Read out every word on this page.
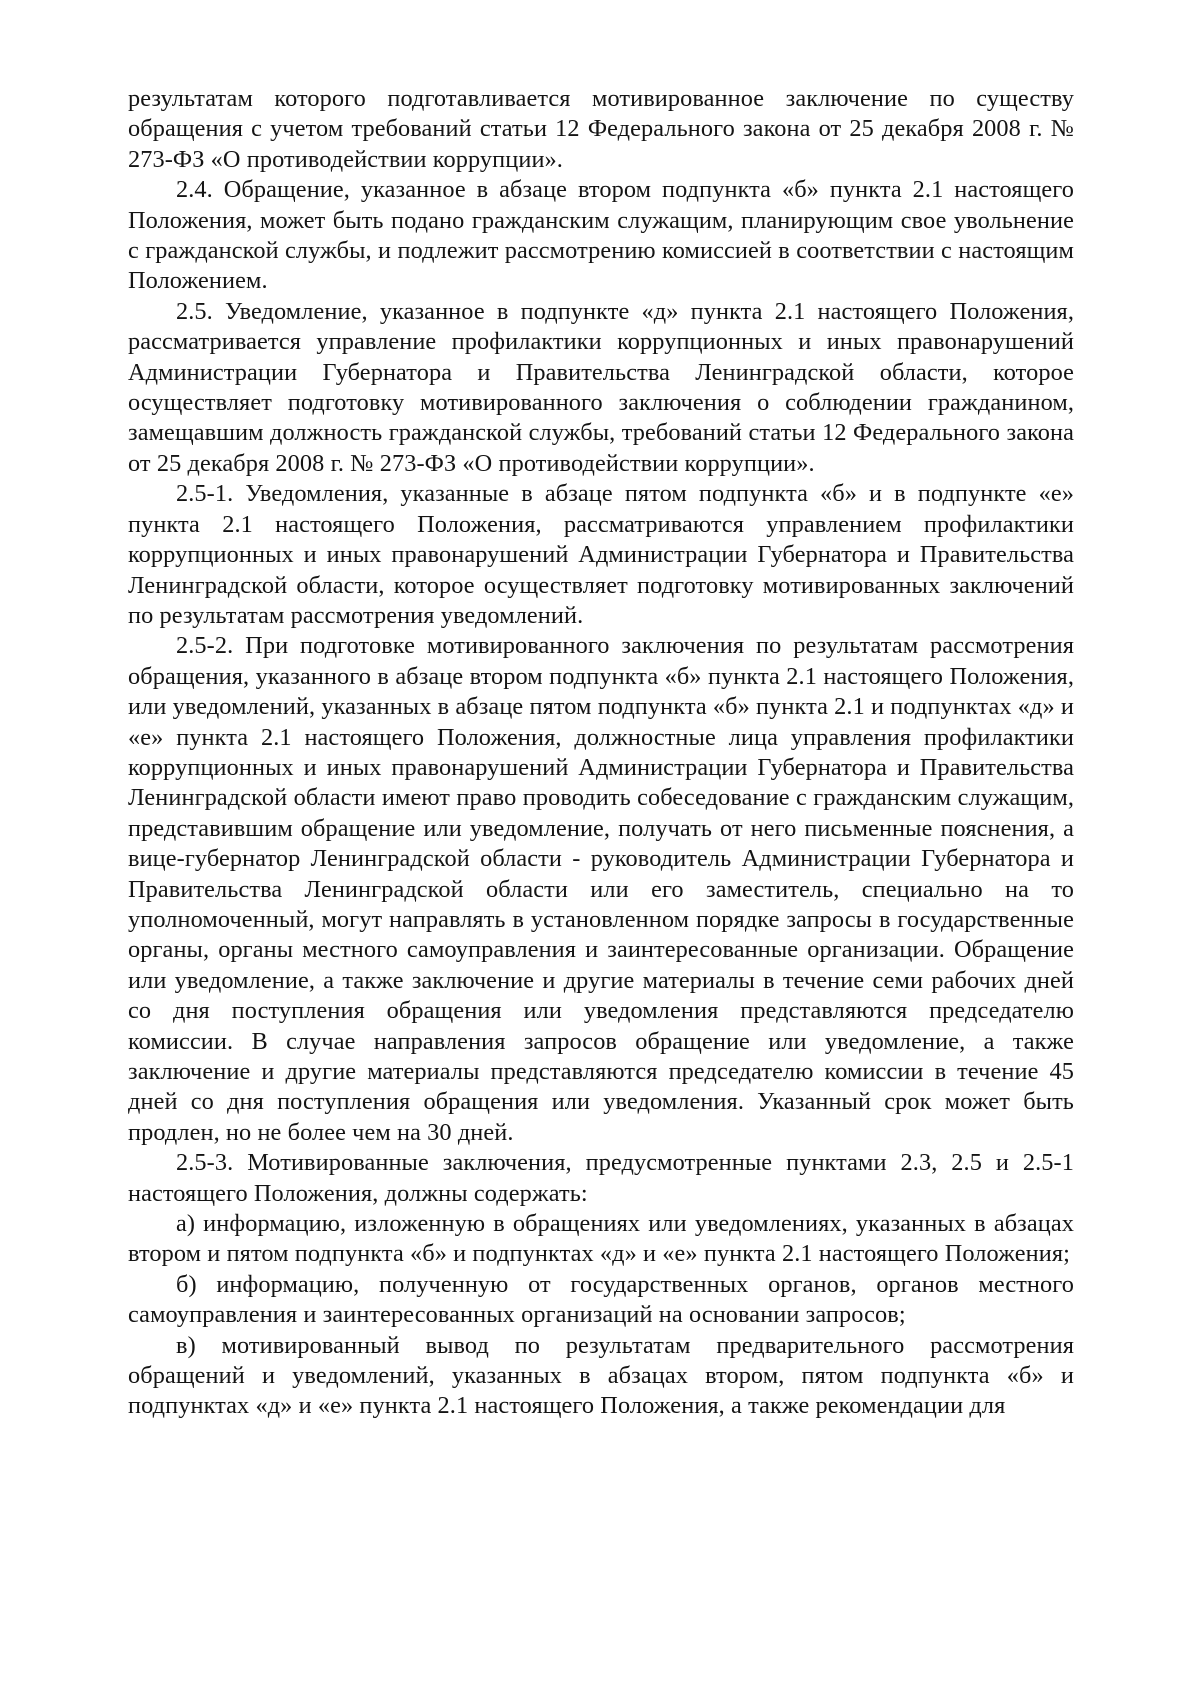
результатам которого подготавливается мотивированное заключение по существу обращения с учетом требований статьи 12 Федерального закона от 25 декабря 2008 г. № 273-ФЗ «О противодействии коррупции».

2.4. Обращение, указанное в абзаце втором подпункта «б» пункта 2.1 настоящего Положения, может быть подано гражданским служащим, планирующим свое увольнение с гражданской службы, и подлежит рассмотрению комиссией в соответствии с настоящим Положением.

2.5. Уведомление, указанное в подпункте «д» пункта 2.1 настоящего Положения, рассматривается управление профилактики коррупционных и иных правонарушений Администрации Губернатора и Правительства Ленинградской области, которое осуществляет подготовку мотивированного заключения о соблюдении гражданином, замещавшим должность гражданской службы, требований статьи 12 Федерального закона от 25 декабря 2008 г. № 273-ФЗ «О противодействии коррупции».

2.5-1. Уведомления, указанные в абзаце пятом подпункта «б» и в подпункте «е» пункта 2.1 настоящего Положения, рассматриваются управлением профилактики коррупционных и иных правонарушений Администрации Губернатора и Правительства Ленинградской области, которое осуществляет подготовку мотивированных заключений по результатам рассмотрения уведомлений.

2.5-2. При подготовке мотивированного заключения по результатам рассмотрения обращения, указанного в абзаце втором подпункта «б» пункта 2.1 настоящего Положения, или уведомлений, указанных в абзаце пятом подпункта «б» пункта 2.1 и подпунктах «д» и «е» пункта 2.1 настоящего Положения, должностные лица управления профилактики коррупционных и иных правонарушений Администрации Губернатора и Правительства Ленинградской области имеют право проводить собеседование с гражданским служащим, представившим обращение или уведомление, получать от него письменные пояснения, а вице-губернатор Ленинградской области - руководитель Администрации Губернатора и Правительства Ленинградской области или его заместитель, специально на то уполномоченный, могут направлять в установленном порядке запросы в государственные органы, органы местного самоуправления и заинтересованные организации. Обращение или уведомление, а также заключение и другие материалы в течение семи рабочих дней со дня поступления обращения или уведомления представляются председателю комиссии. В случае направления запросов обращение или уведомление, а также заключение и другие материалы представляются председателю комиссии в течение 45 дней со дня поступления обращения или уведомления. Указанный срок может быть продлен, но не более чем на 30 дней.

2.5-3. Мотивированные заключения, предусмотренные пунктами 2.3, 2.5 и 2.5-1 настоящего Положения, должны содержать:

а) информацию, изложенную в обращениях или уведомлениях, указанных в абзацах втором и пятом подпункта «б» и подпунктах «д» и «е» пункта 2.1 настоящего Положения;

б) информацию, полученную от государственных органов, органов местного самоуправления и заинтересованных организаций на основании запросов;

в) мотивированный вывод по результатам предварительного рассмотрения обращений и уведомлений, указанных в абзацах втором, пятом подпункта «б» и подпунктах «д» и «е» пункта 2.1 настоящего Положения, а также рекомендации для
